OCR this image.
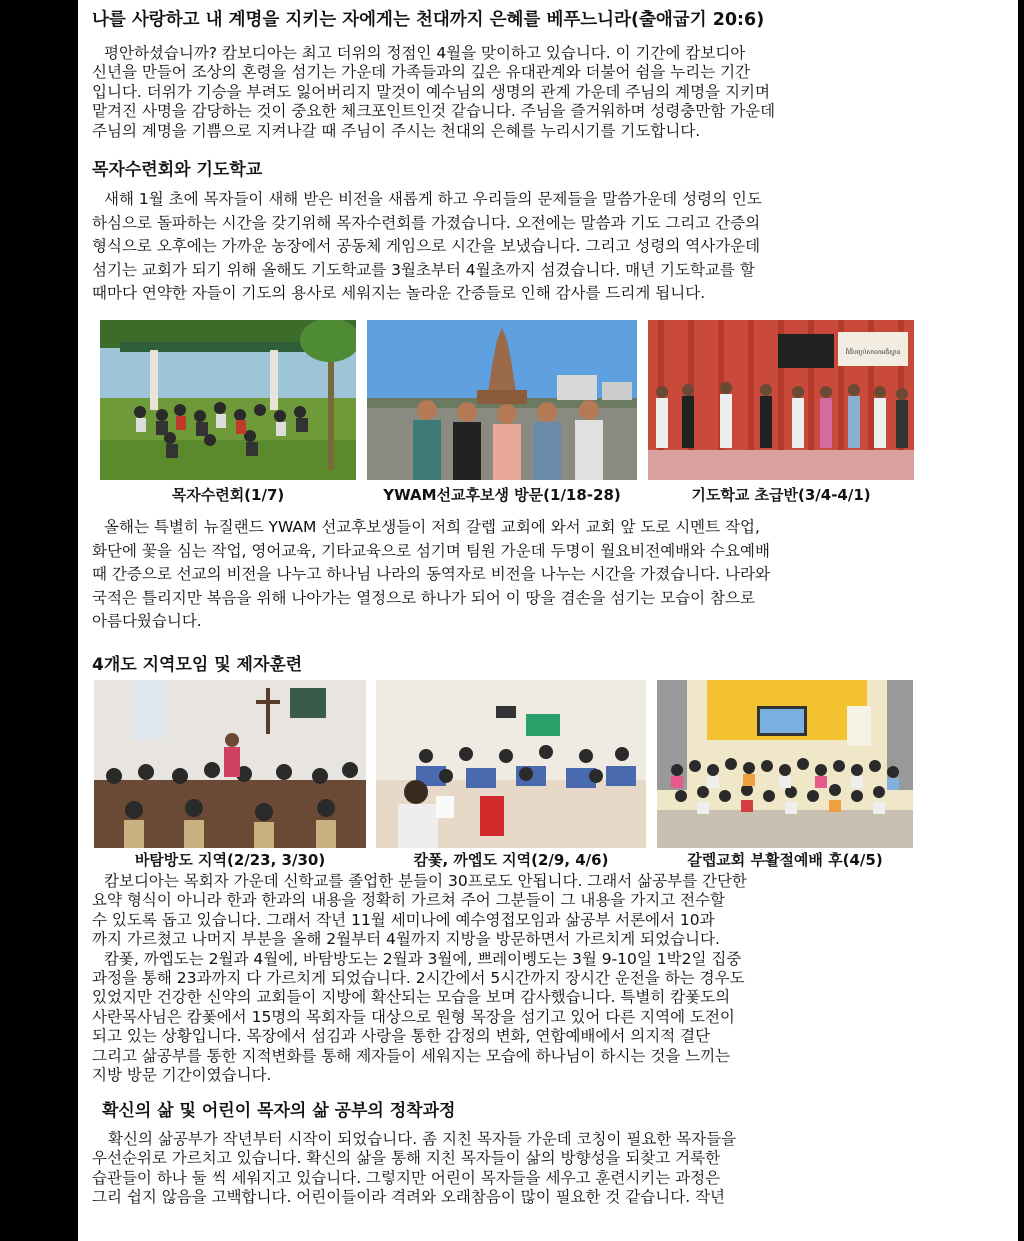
나를 사랑하고 내 계명을 지키는 자에게는 천대까지 은혜를 베푸느니라(출애굽기 20:6)

평안하셨습니까? 캄보디아는 최고 더위의 정점인 4월을 맞이하고 있습니다. 이 기간에 캄보디아

신년을 만들어 조상의 혼령을 섬기는 가운데 가족들과의 깊은 유대관계와 더불어 쉼을 누리는 기간

입니다. 더위가 기승을 부려도 잃어버리지 말것이 예수님의 생명의 관계 가운데 주님의 계명을 지키며

맡겨진 사명을 감당하는 것이 중요한 체크포인트인것 같습니다. 주님을 즐거워하며 성령충만함 가운데

주님의 계명을 기쁨으로 지켜나갈 때 주님이 주시는 천대의 은혜를 누리시기를 기도합니다.

목자수련회와 기도학교

새해 1월 초에 목자들이 새해 받은 비전을 새롭게 하고 우리들의 문제들을 말씀가운데 성령의 인도

하심으로 돌파하는 시간을 갖기위해 목자수련회를 가졌습니다. 오전에는 말씀과 기도 그리고 간증의

형식으로 오후에는 가까운 농장에서 공동체 게임으로 시간을 보냈습니다. 그리고 성령의 역사가운데

섬기는 교회가 되기 위해 올해도 기도학교를 3월초부터 4월초까지 섬겼습니다. 매년 기도학교를 할

때마다 연약한 자들이 기도의 용사로 세워지는 놀라운 간증들로 인해 감사를 드리게 됩니다.

ពិធីបញ្ចប់សាលាអធិស្ឋាន
목자수련회(1/7)	YWAM선교후보생 방문(1/18-28)	기도학교 초급반(3/4-4/1)

올해는 특별히 뉴질랜드 YWAM 선교후보생들이 저희 갈렙 교회에 와서 교회 앞 도로 시멘트 작업,

화단에 꽃을 심는 작업, 영어교육, 기타교육으로 섬기며 팀원 가운데 두명이 월요비전예배와 수요예배

때 간증으로 선교의 비전을 나누고 하나님 나라의 동역자로 비전을 나누는 시간을 가졌습니다. 나라와

국적은 틀리지만 복음을 위해 나아가는 열정으로 하나가 되어 이 땅을 겸손을 섬기는 모습이 참으로

아름다웠습니다.

4개도 지역모임 및 제자훈련
바탐방도 지역(2/23, 3/30)	캄퐃, 까엡도 지역(2/9, 4/6)	갈렙교회 부활절예배 후(4/5)

캄보디아는 목회자 가운데 신학교를 졸업한 분들이 30프로도 안됩니다. 그래서 삶공부를 간단한

요약 형식이 아니라 한과 한과의 내용을 정확히 가르쳐 주어 그분들이 그 내용을 가지고 전수할

수 있도록 돕고 있습니다. 그래서 작년 11월 세미나에 예수영접모임과 삶공부 서론에서 10과

까지 가르쳤고 나머지 부분을 올해 2월부터 4월까지 지방을 방문하면서 가르치게 되었습니다.

캄퐃, 까엡도는 2월과 4월에, 바탐방도는 2월과 3월에, 쁘레이벵도는 3월 9-10일 1박2일 집중

과정을 통해 23과까지 다 가르치게 되었습니다. 2시간에서 5시간까지 장시간 운전을 하는 경우도

있었지만 건강한 신약의 교회들이 지방에 확산되는 모습을 보며 감사했습니다. 특별히 캄퐃도의

사란목사님은 캄퐃에서 15명의 목회자들 대상으로 원형 목장을 섬기고 있어 다른 지역에 도전이

되고 있는 상황입니다. 목장에서 섬김과 사랑을 통한 감정의 변화, 연합예배에서 의지적 결단

그리고 삶공부를 통한 지적변화를 통해 제자들이 세워지는 모습에 하나님이 하시는 것을 느끼는

지방 방문 기간이였습니다.

확신의 삶 및 어린이 목자의 삶 공부의 정착과정

확신의 삶공부가 작년부터 시작이 되었습니다. 좀 지친 목자들 가운데 코칭이 필요한 목자들을

우선순위로 가르치고 있습니다. 확신의 삶을 통해 지친 목자들이 삶의 방향성을 되찾고 거룩한

습관들이 하나 둘 씩 세워지고 있습니다. 그렇지만 어린이 목자들을 세우고 훈련시키는 과정은

그리 쉽지 않음을 고백합니다. 어린이들이라 격려와 오래참음이 많이 필요한 것 같습니다. 작년
